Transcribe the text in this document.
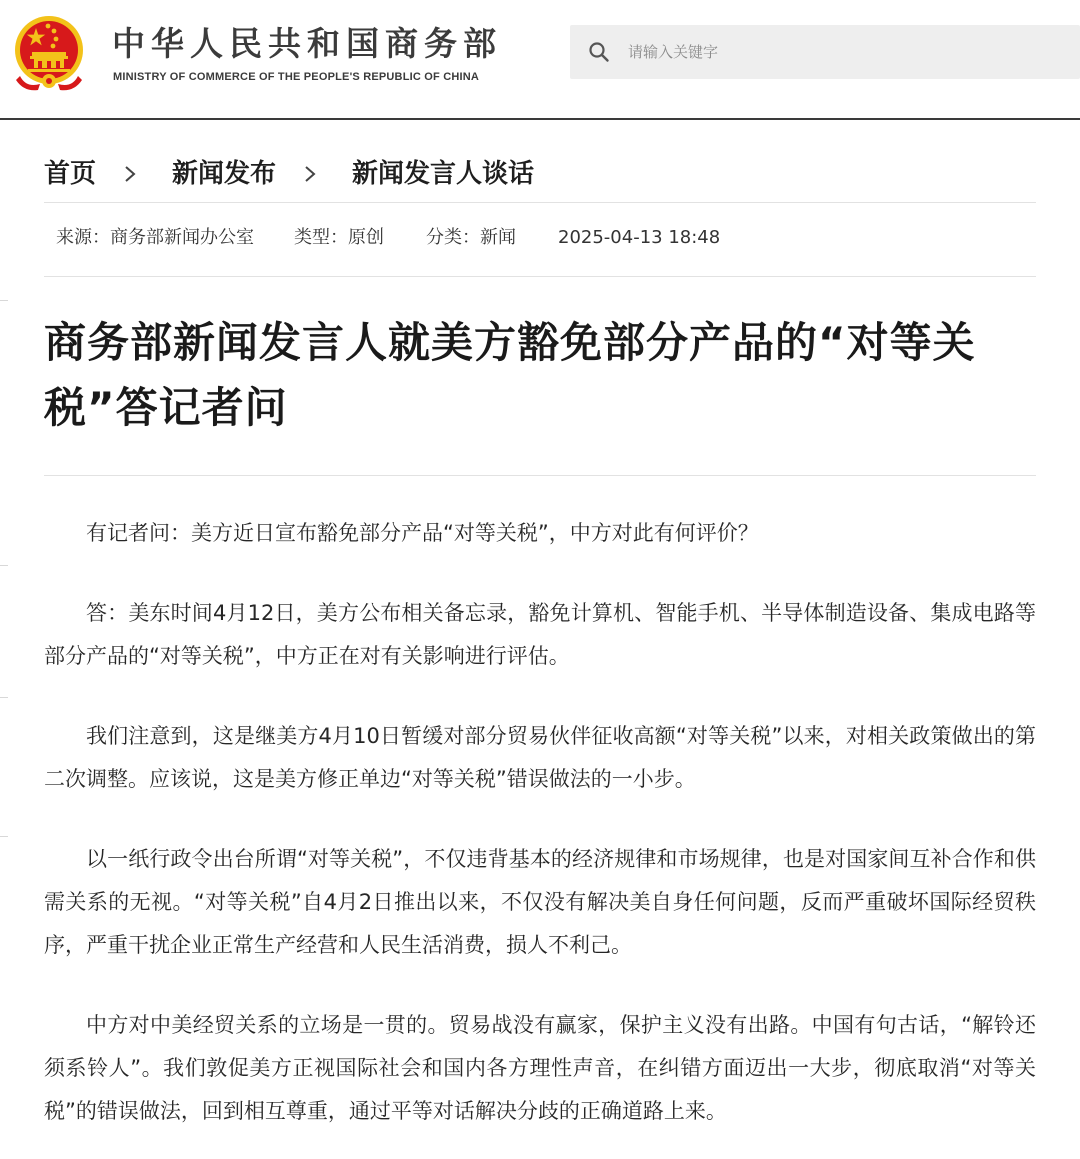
中华人民共和国商务部
MINISTRY OF COMMERCE OF THE PEOPLE'S REPUBLIC OF CHINA
请输入关键字
首页	新闻发布	新闻发言人谈话
来源：商务部新闻办公室 类型：原创 分类：新闻 2025-04-13 18:48
商务部新闻发言人就美方豁免部分产品的“对等关税”答记者问

有记者问：美方近日宣布豁免部分产品“对等关税”，中方对此有何评价？

答：美东时间4月12日，美方公布相关备忘录，豁免计算机、智能手机、半导体制造设备、集成电路等部分产品的“对等关税”，中方正在对有关影响进行评估。

我们注意到，这是继美方4月10日暂缓对部分贸易伙伴征收高额“对等关税”以来，对相关政策做出的第二次调整。应该说，这是美方修正单边“对等关税”错误做法的一小步。

以一纸行政令出台所谓“对等关税”，不仅违背基本的经济规律和市场规律，也是对国家间互补合作和供需关系的无视。“对等关税”自4月2日推出以来，不仅没有解决美自身任何问题，反而严重破坏国际经贸秩序，严重干扰企业正常生产经营和人民生活消费，损人不利己。

中方对中美经贸关系的立场是一贯的。贸易战没有赢家，保护主义没有出路。中国有句古话，“解铃还须系铃人”。我们敦促美方正视国际社会和国内各方理性声音，在纠错方面迈出一大步，彻底取消“对等关税”的错误做法，回到相互尊重，通过平等对话解决分歧的正确道路上来。
